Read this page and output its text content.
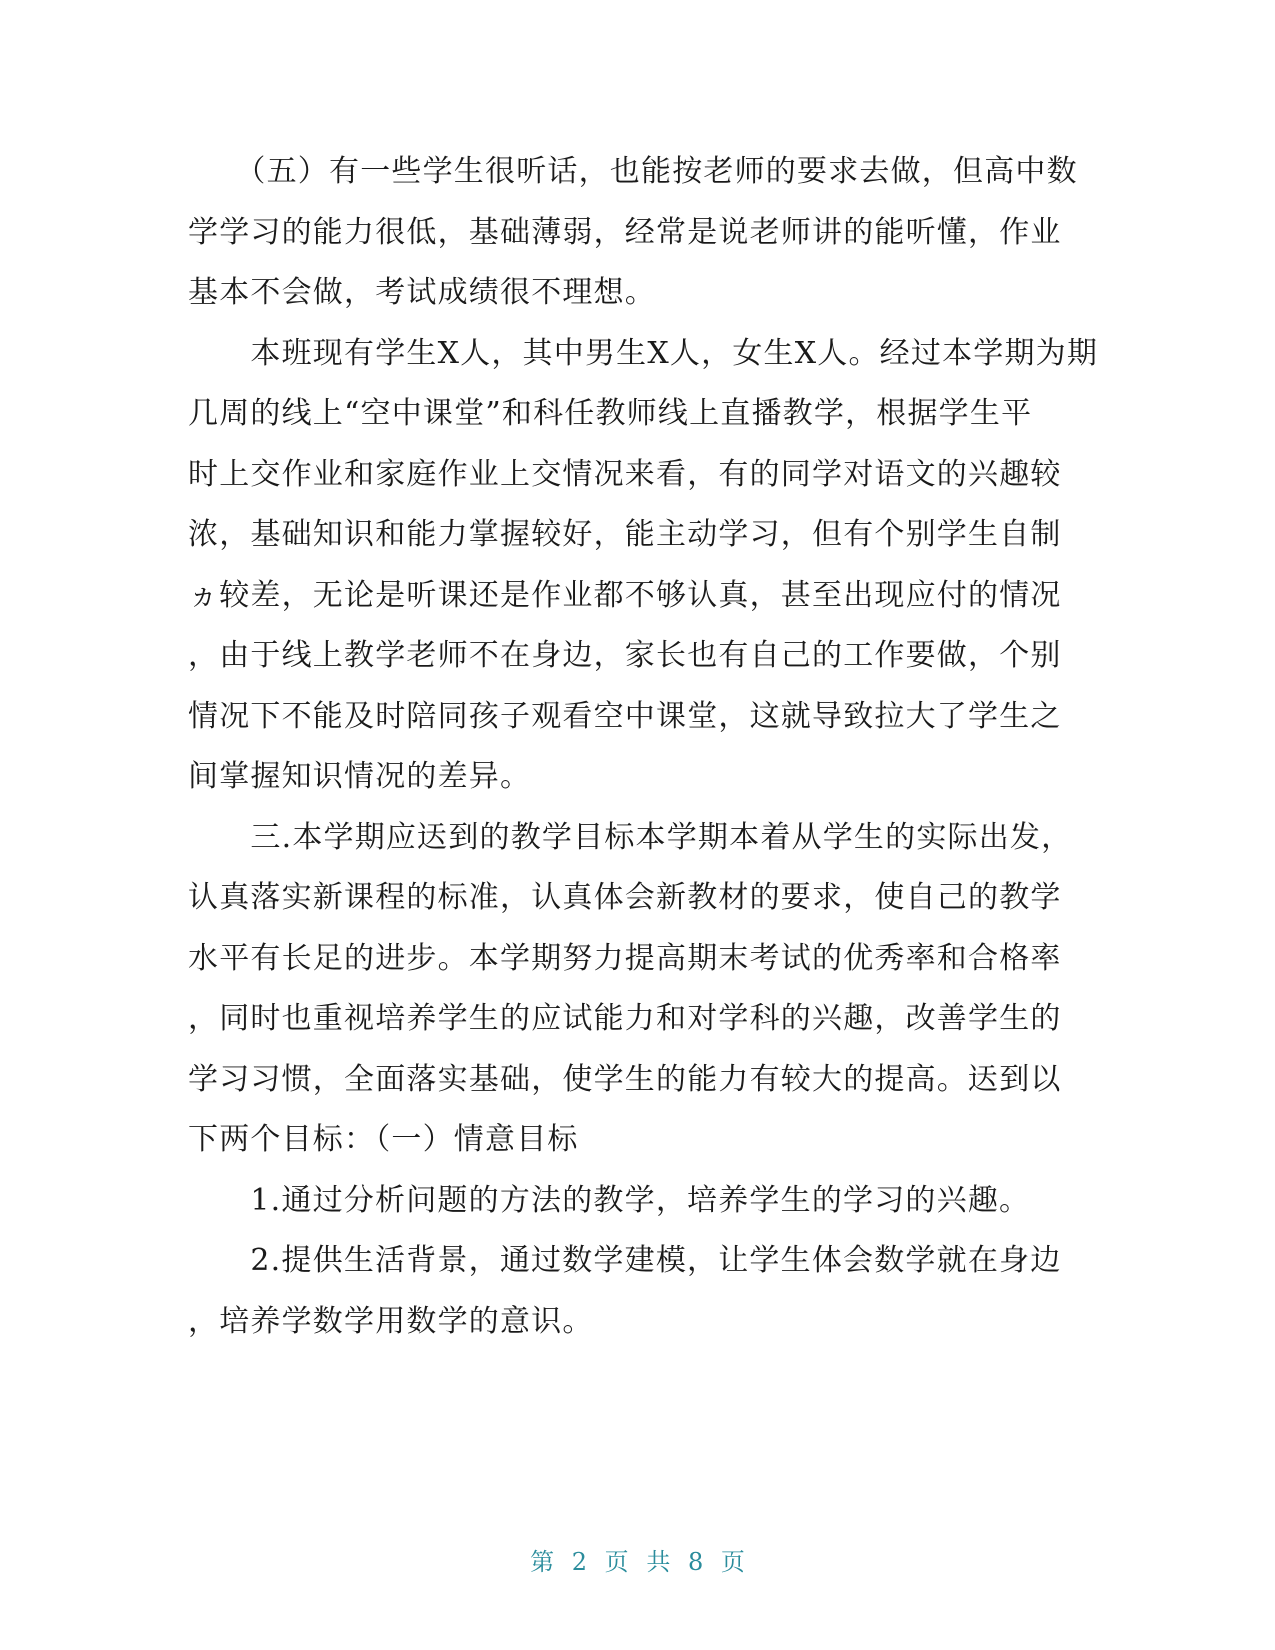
　　（五）有一些学生很听话，也能按老师的要求去做，但高中数
学学习的能力很低，基础薄弱，经常是说老师讲的能听懂，作业
基本不会做，考试成绩很不理想。
　　本班现有学生X人，其中男生X人，女生X人。经过本学期为期
几周的线上“空中课堂”和科任教师线上直播教学，根据学生平
时上交作业和家庭作业上交情况来看，有的同学对语文的兴趣较
浓，基础知识和能力掌握较好，能主动学习，但有个别学生自制
ヵ较差，无论是听课还是作业都不够认真，甚至出现应付的情况
，由于线上教学老师不在身边，家长也有自己的工作要做，个别
情况下不能及时陪同孩子观看空中课堂，这就导致拉大了学生之
间掌握知识情况的差异。
　　三.本学期应迗到的教学目标本学期本着从学生的实际出发，
认真落实新课程的标准，认真体会新教材的要求，使自己的教学
水平有长足的进步。本学期努力提高期末考试的优秀率和合格率
，同时也重视培养学生的应试能力和对学科的兴趣，改善学生的
学习习惯，全面落实基础，使学生的能力有较大的提高。迗到以
下两个目标：（一）情意目标
　　1.通过分析问题的方法的教学，培养学生的学习的兴趣。
　　2.提供生活背景，通过数学建模，让学生体会数学就在身边
，培养学数学用数学的意识。
第 2 页 共 8 页
